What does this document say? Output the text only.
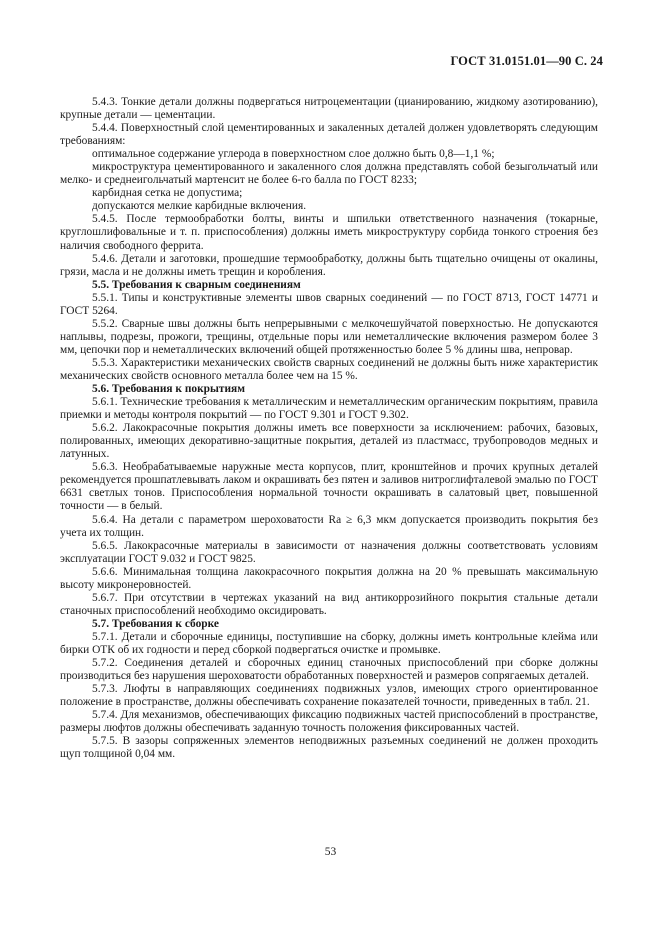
ГОСТ 31.0151.01—90 С. 24

5.4.3. Тонкие детали должны подвергаться нитроцементации (цианированию, жидкому азотированию), крупные детали — цементации.

5.4.4. Поверхностный слой цементированных и закаленных деталей должен удовлетворять следующим требованиям:

оптимальное содержание углерода в поверхностном слое должно быть 0,8—1,1 %;

микроструктура цементированного и закаленного слоя должна представлять собой безыгольчатый или мелко- и среднеигольчатый мартенсит не более 6-го балла по ГОСТ 8233;

карбидная сетка не допустима;

допускаются мелкие карбидные включения.

5.4.5. После термообработки болты, винты и шпильки ответственного назначения (токарные, круглошлифовальные и т. п. приспособления) должны иметь микроструктуру сорбида тонкого строения без наличия свободного феррита.

5.4.6. Детали и заготовки, прошедшие термообработку, должны быть тщательно очищены от окалины, грязи, масла и не должны иметь трещин и коробления.

5.5. Требования к сварным соединениям

5.5.1. Типы и конструктивные элементы швов сварных соединений — по ГОСТ 8713, ГОСТ 14771 и ГОСТ 5264.

5.5.2. Сварные швы должны быть непрерывными с мелкочешуйчатой поверхностью. Не допускаются наплывы, подрезы, прожоги, трещины, отдельные поры или неметаллические включения размером более 3 мм, цепочки пор и неметаллических включений общей протяженностью более 5 % длины шва, непровар.

5.5.3. Характеристики механических свойств сварных соединений не должны быть ниже характеристик механических свойств основного металла более чем на 15 %.

5.6. Требования к покрытиям

5.6.1. Технические требования к металлическим и неметаллическим органическим покрытиям, правила приемки и методы контроля покрытий — по ГОСТ 9.301 и ГОСТ 9.302.

5.6.2. Лакокрасочные покрытия должны иметь все поверхности за исключением: рабочих, базовых, полированных, имеющих декоративно-защитные покрытия, деталей из пластмасс, трубопроводов медных и латунных.

5.6.3. Необрабатываемые наружные места корпусов, плит, кронштейнов и прочих крупных деталей рекомендуется прошпатлевывать лаком и окрашивать без пятен и заливов нитроглифталевой эмалью по ГОСТ 6631 светлых тонов. Приспособления нормальной точности окрашивать в салатовый цвет, повышенной точности — в белый.

5.6.4. На детали с параметром шероховатости Ra ≥ 6,3 мкм допускается производить покрытия без учета их толщин.

5.6.5. Лакокрасочные материалы в зависимости от назначения должны соответствовать условиям эксплуатации ГОСТ 9.032 и ГОСТ 9825.

5.6.6. Минимальная толщина лакокрасочного покрытия должна на 20 % превышать максимальную высоту микронеровностей.

5.6.7. При отсутствии в чертежах указаний на вид антикоррозийного покрытия стальные детали станочных приспособлений необходимо оксидировать.

5.7. Требования к сборке

5.7.1. Детали и сборочные единицы, поступившие на сборку, должны иметь контрольные клейма или бирки ОТК об их годности и перед сборкой подвергаться очистке и промывке.

5.7.2. Соединения деталей и сборочных единиц станочных приспособлений при сборке должны производиться без нарушения шероховатости обработанных поверхностей и размеров сопрягаемых деталей.

5.7.3. Люфты в направляющих соединениях подвижных узлов, имеющих строго ориентированное положение в пространстве, должны обеспечивать сохранение показателей точности, приведенных в табл. 21.

5.7.4. Для механизмов, обеспечивающих фиксацию подвижных частей приспособлений в пространстве, размеры люфтов должны обеспечивать заданную точность положения фиксированных частей.

5.7.5. В зазоры сопряженных элементов неподвижных разъемных соединений не должен проходить щуп толщиной 0,04 мм.

53
